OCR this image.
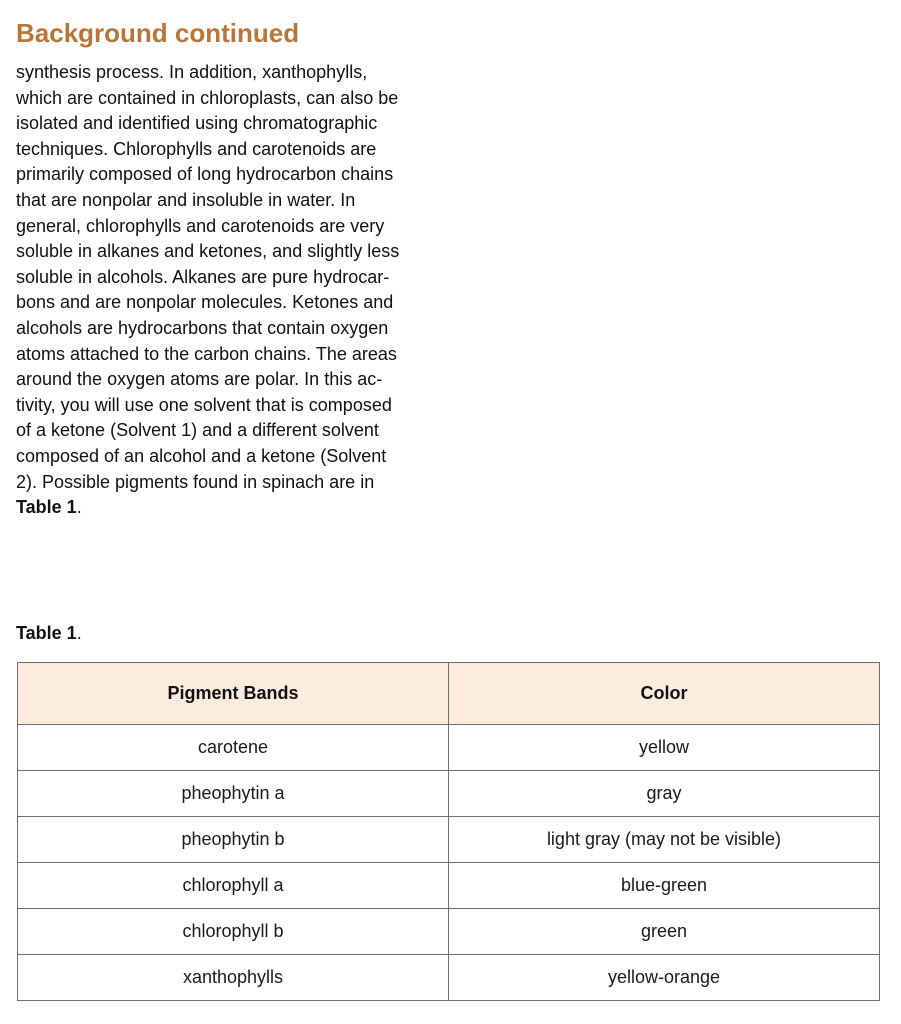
Background continued
synthesis process. In addition, xanthophylls,
which are contained in chloroplasts, can also be
isolated and identified using chromatographic
techniques. Chlorophylls and carotenoids are
primarily composed of long hydrocarbon chains
that are nonpolar and insoluble in water. In
general, chlorophylls and carotenoids are very
soluble in alkanes and ketones, and slightly less
soluble in alcohols. Alkanes are pure hydrocar-
bons and are nonpolar molecules. Ketones and
alcohols are hydrocarbons that contain oxygen
atoms attached to the carbon chains. The areas
around the oxygen atoms are polar. In this ac-
tivity, you will use one solvent that is composed
of a ketone (Solvent 1) and a different solvent
composed of an alcohol and a ketone (Solvent
2). Possible pigments found in spinach are in
Table 1.
Table 1.
Pigment Bands	Color
carotene	yellow
pheophytin a	gray
pheophytin b	light gray (may not be visible)
chlorophyll a	blue-green
chlorophyll b	green
xanthophylls	yellow-orange
